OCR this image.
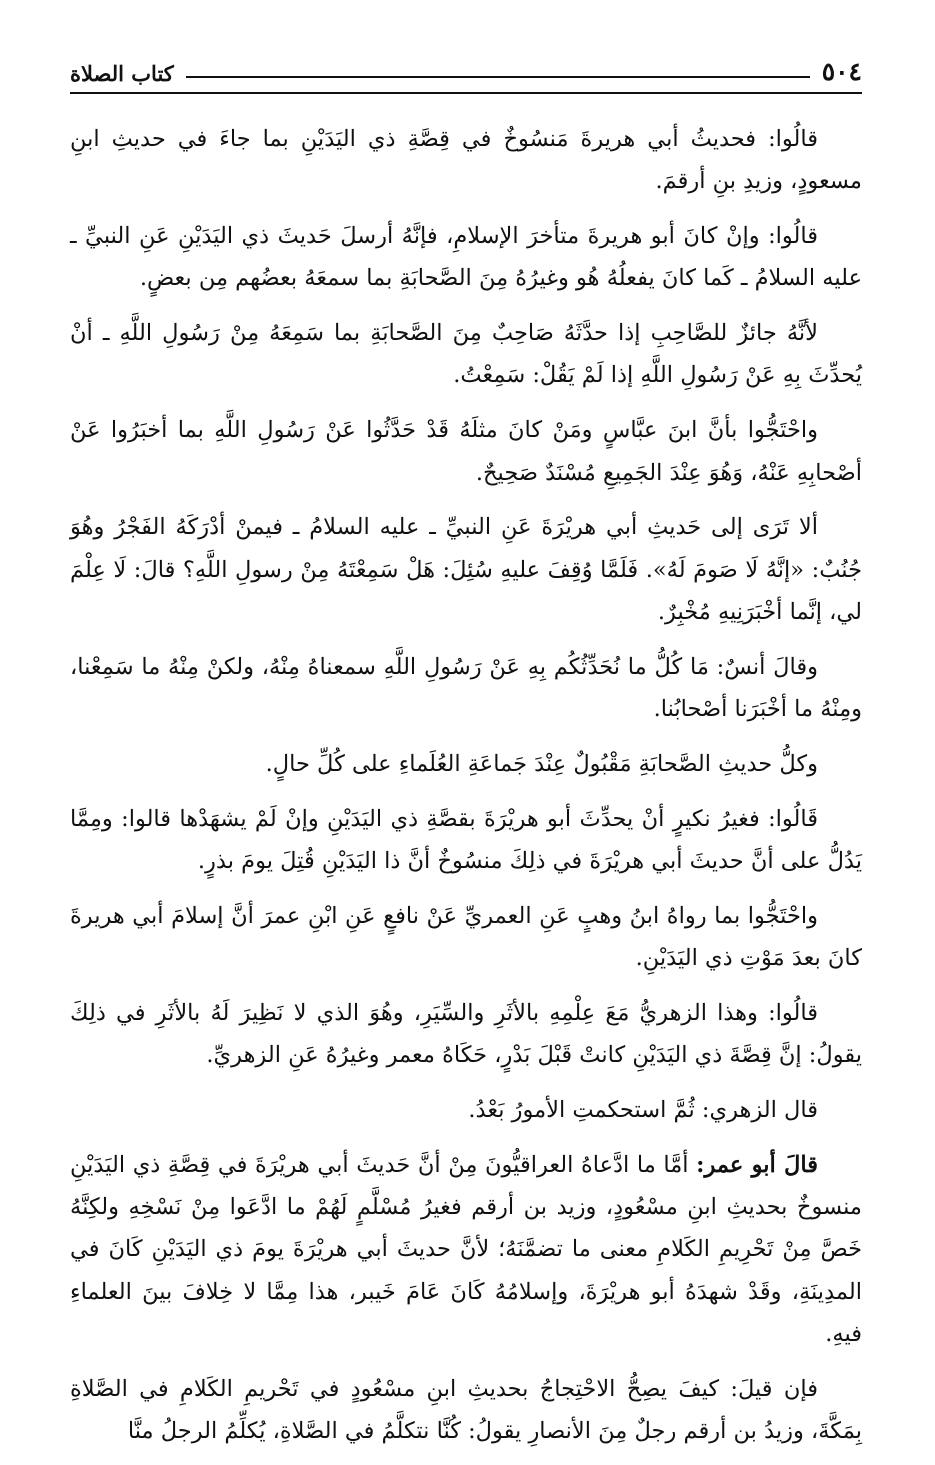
٥٠٤
كتاب الصلاة

قالُوا: فحديثُ أبي هريرةَ مَنسُوخٌ في قِصَّةِ ذي اليَدَيْنِ بما جاءَ في حديثِ ابنِ مسعودٍ، وزيدِ بنِ أرقمَ.

قالُوا: وإنْ كانَ أبو هريرةَ متأخرَ الإسلامِ، فإنَّهُ أرسلَ حَديثَ ذي اليَدَيْنِ عَنِ النبيِّ ـ عليه السلامُ ـ كَما كانَ يفعلُهُ هُو وغيرُهُ مِنَ الصَّحابَةِ بما سمعَهُ بعضُهم مِن بعضٍ.

لأنَّهُ جائزٌ للصَّاحِبِ إذا حدَّثَهُ صَاحِبٌ مِنَ الصَّحابَةِ بما سَمِعَهُ مِنْ رَسُولِ اللَّهِ ـ أنْ يُحدِّثَ بِهِ عَنْ رَسُولِ اللَّهِ إذا لَمْ يَقُلْ: سَمِعْتُ.

واحْتَجُّوا بأنَّ ابنَ عبَّاسٍ ومَنْ كانَ مثلَهُ قَدْ حَدَّثُوا عَنْ رَسُولِ اللَّهِ بما أخبَرُوا عَنْ أصْحابِهِ عَنْهُ، وَهُوَ عِنْدَ الجَمِيعِ مُسْنَدٌ صَحِيحٌ.

ألا تَرَى إلى حَديثِ أبي هريْرَةَ عَنِ النبيِّ ـ عليه السلامُ ـ فيمنْ أدْرَكَهُ الفَجْرُ وهُوَ جُنُبٌ: «إنَّهُ لَا صَومَ لَهُ». فَلَمَّا وُقِفَ عليهِ سُئِلَ: هَلْ سَمِعْتَهُ مِنْ رسولِ اللَّهِ؟ قالَ: لَا عِلْمَ لي، إنَّما أخْبَرَنِيهِ مُخْبِرٌ.

وقالَ أنسٌ: مَا كُلُّ ما نُحَدِّثُكُم بِهِ عَنْ رَسُولِ اللَّهِ سمعناهُ مِنْهُ، ولكنْ مِنْهُ ما سَمِعْنا، ومِنْهُ ما أخْبَرَنا أصْحابُنا.

وكلُّ حديثِ الصَّحابَةِ مَقْبُولٌ عِنْدَ جَماعَةِ العُلَماءِ على كُلِّ حالٍ.

قَالُوا: فغيرُ نكيرٍ أنْ يحدِّثَ أبو هريْرَةَ بقصَّةِ ذي اليَدَيْنِ وإنْ لَمْ يشهَدْها قالوا: ومِمَّا يَدُلُّ على أنَّ حديثَ أبي هريْرَةَ في ذلِكَ منسُوخٌ أنَّ ذا اليَدَيْنِ قُتِلَ يومَ بذرٍ.

واحْتَجُّوا بما رواهُ ابنُ وهبٍ عَنِ العمريِّ عَنْ نافعٍ عَنِ ابْنِ عمرَ أنَّ إسلامَ أبي هريرةَ كانَ بعدَ مَوْتِ ذي اليَدَيْنِ.

قالُوا: وهذا الزهريُّ مَعَ عِلْمِهِ بالأثَرِ والسِّيَرِ، وهُوَ الذي لا نَظِيرَ لَهُ بالأثَرِ في ذلِكَ يقولُ: إنَّ قِصَّةَ ذي اليَدَيْنِ كانتْ قَبْلَ بَدْرٍ، حَكَاهُ معمر وغيرُهُ عَنِ الزهريِّ.

قال الزهري: ثُمَّ استحكمتِ الأمورُ بَعْدُ.

قالَ أبو عمر: أمَّا ما ادَّعاهُ العراقيُّونَ مِنْ أنَّ حَديثَ أبي هريْرَةَ في قِصَّةِ ذي اليَدَيْنِ منسوخٌ بحديثِ ابنِ مسْعُودٍ، وزيد بن أرقم فغيرُ مُسْلَّمٍ لَهُمْ ما ادَّعَوا مِنْ نَسْخِهِ ولكِنَّهُ خَصَّ مِنْ تَحْرِيمِ الكَلامِ معنى ما تضمَّنَهُ؛ لأنَّ حديثَ أبي هريْرَةَ يومَ ذي اليَدَيْنِ كَانَ في المدِينَةِ، وقَدْ شهدَهُ أبو هريْرَةَ، وإسلامُهُ كَانَ عَامَ خَيبر، هذا مِمَّا لا خِلافَ بينَ العلماءِ فيهِ.

فإن قيلَ: كيفَ يصِحُّ الاحْتِجاجُ بحديثِ ابنِ مسْعُودٍ في تَحْريمِ الكَلامِ في الصَّلاةِ بِمَكَّةَ، وزيدُ بن أرقم رجلٌ مِنَ الأنصارِ يقولُ: كُنَّا نتكلَّمُ في الصَّلاةِ، يُكلِّمُ الرجلُ منَّا
